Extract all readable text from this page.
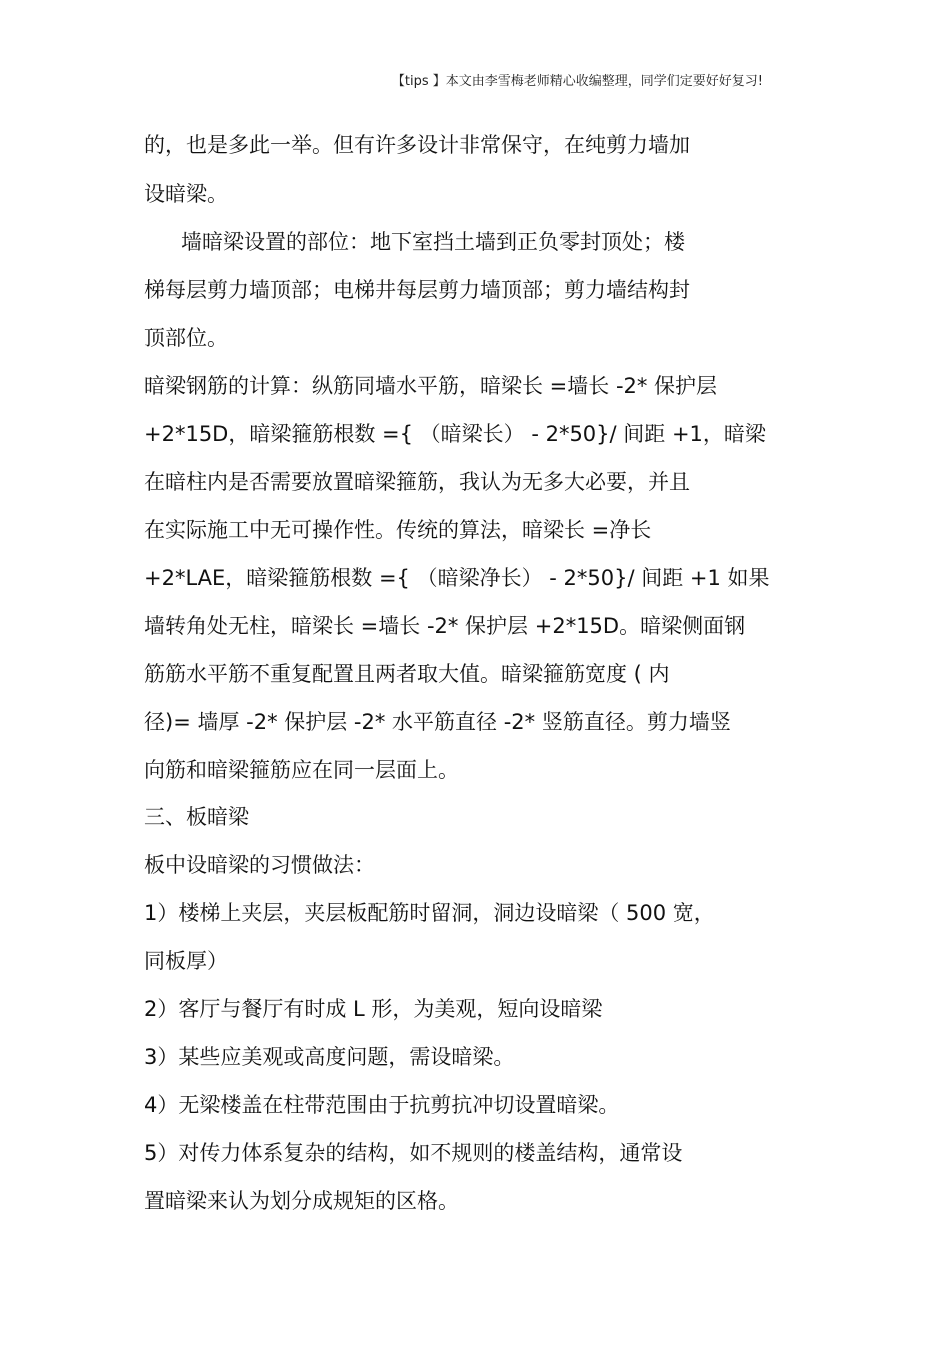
【tips 】本文由李雪梅老师精心收编整理，同学们定要好好复习!
的，也是多此一举。但有许多设计非常保守，在纯剪力墙加
设暗梁。
墙暗梁设置的部位：地下室挡土墙到正负零封顶处；楼
梯每层剪力墙顶部；电梯井每层剪力墙顶部；剪力墙结构封
顶部位。
暗梁钢筋的计算：纵筋同墙水平筋，暗梁长 =墙长 -2* 保护层
+2*15D，暗梁箍筋根数 ={ （暗梁长） - 2*50}/ 间距 +1，暗梁
在暗柱内是否需要放置暗梁箍筋，我认为无多大必要，并且
在实际施工中无可操作性。传统的算法，暗梁长 =净长
+2*LAE，暗梁箍筋根数 ={ （暗梁净长） - 2*50}/ 间距 +1 如果
墙转角处无柱，暗梁长 =墙长 -2* 保护层 +2*15D。暗梁侧面钢
筋筋水平筋不重复配置且两者取大值。暗梁箍筋宽度 ( 内
径)= 墙厚 -2* 保护层 -2* 水平筋直径 -2* 竖筋直径。剪力墙竖
向筋和暗梁箍筋应在同一层面上。
三、板暗梁
板中设暗梁的习惯做法：
1）楼梯上夹层，夹层板配筋时留洞，洞边设暗梁（ 500 宽，
同板厚）
2）客厅与餐厅有时成 L 形，为美观，短向设暗梁
3）某些应美观或高度问题，需设暗梁。
4）无梁楼盖在柱带范围由于抗剪抗冲切设置暗梁。
5）对传力体系复杂的结构，如不规则的楼盖结构，通常设
置暗梁来认为划分成规矩的区格。
